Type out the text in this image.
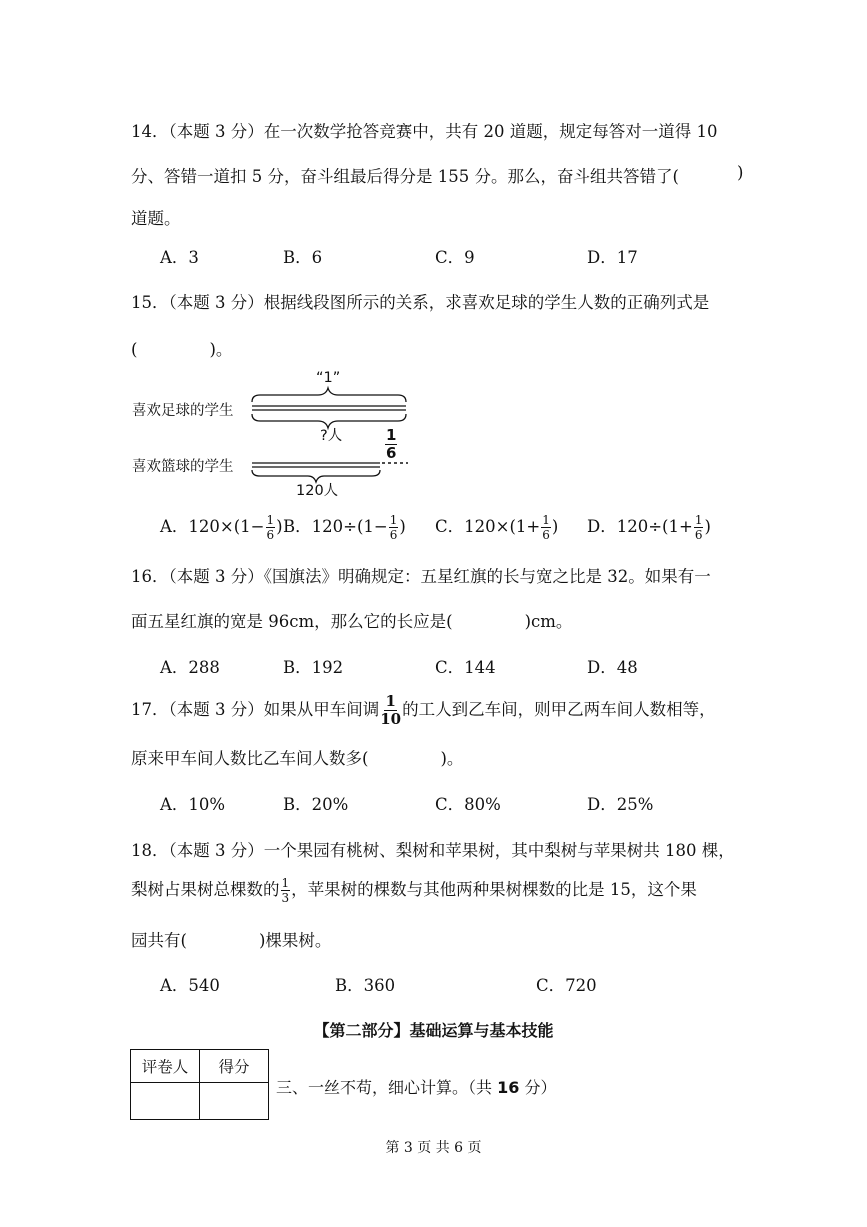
14．（本题 3 分）在一次数学抢答竞赛中，共有 20 道题，规定每答对一道得 10
分、答错一道扣 5 分，奋斗组最后得分是 155 分。那么，奋斗组共答错了(	)
道题。
A．3	B．6	C．9	D．17
15．（本题 3 分）根据线段图所示的关系，求喜欢足球的学生人数的正确列式是
(	)。
“1”
喜欢足球的学生
?人
喜欢篮球的学生
$\frac{1}{6}$
120人
A．$120\times(1- \frac{1}{6}$ ) B．$120\div(1- \frac{1}{6}$ ) C．$120\times(1+ \frac{1}{6}$ ) D．$120\div(1+ \frac{1}{6}$ )
16．（本题 3 分）《国旗法》明确规定：五星红旗的长与宽之比是 32。如果有一
面五星红旗的宽是 96cm，那么它的长应是(	)cm。
A．288	B．192	C．144	D．48
17．（本题 3 分）如果从甲车间调 $\frac{1}{10}$ 的工人到乙车间，则甲乙两车间人数相等，
原来甲车间人数比乙车间人数多(	)。
A．10%	B．20%	C．80%	D．25%
18．（本题 3 分）一个果园有桃树、梨树和苹果树，其中梨树与苹果树共 180 棵，
梨树占果树总棵数的 $\frac{1}{3}$ ，苹果树的棵数与其他两种果树棵数的比是 15，这个果
园共有(	)棵果树。
A．540	B．360	C．720
【第二部分】基础运算与基本技能
评卷人	得分

三、一丝不苟，细心计算。（共 16 分）
第 3 页 共 6 页
